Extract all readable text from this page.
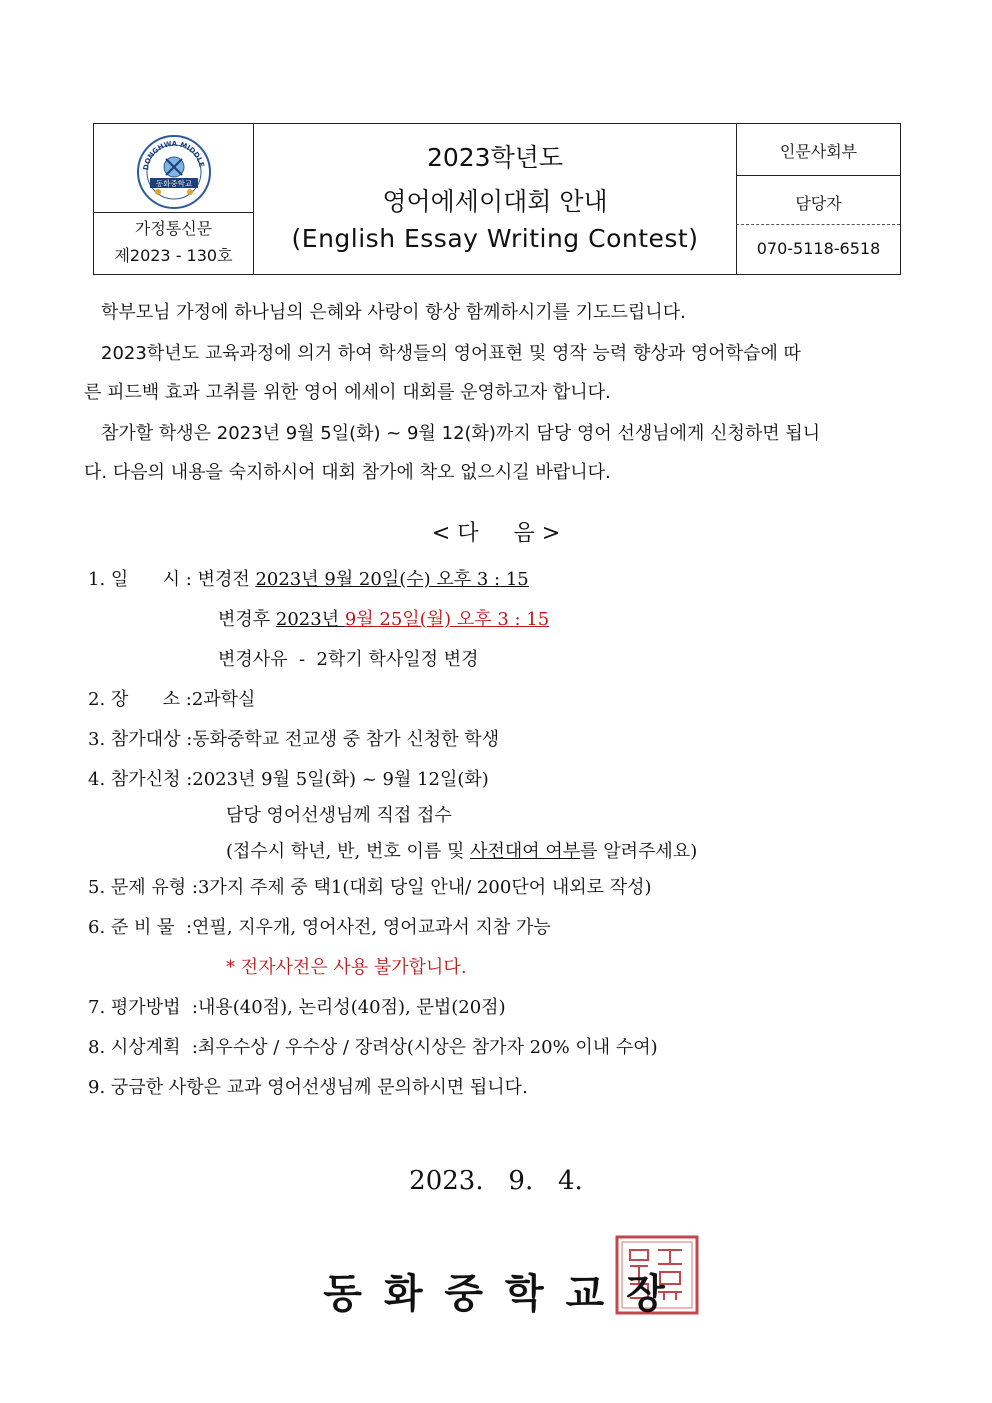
DONGHWA MIDDLE
동화중학교
가정통신문
제2023 - 130호
2023학년도
영어에세이대회 안내
(English Essay Writing Contest)
인문사회부
담당자
070-5118-6518
학부모님 가정에 하나님의 은혜와 사랑이 항상 함께하시기를 기도드립니다.
2023학년도 교육과정에 의거 하여 학생들의 영어표현 및 영작 능력 향상과 영어학습에 따
른 피드백 효과 고취를 위한 영어 에세이 대회를 운영하고자 합니다.
참가할 학생은 2023년 9월 5일(화) ~ 9월 12(화)까지 담당 영어 선생님에게 신청하면 됩니
다. 다음의 내용을 숙지하시어 대회 참가에 착오 없으시길 바랍니다.
< 다     음 >
1. 일      시 : 변경전 2023년 9월 20일(수) 오후 3 : 15
변경후 2023년 9월 25일(월) 오후 3 : 15
변경사유  -  2학기 학사일정 변경
2. 장      소 :2과학실
3. 참가대상 :동화중학교 전교생 중 참가 신청한 학생
4. 참가신청 :2023년 9월 5일(화) ~ 9월 12일(화)
담당 영어선생님께 직접 접수
(접수시 학년, 반, 번호 이름 및 사전대여 여부를 알려주세요)
5. 문제 유형 :3가지 주제 중 택1(대회 당일 안내/ 200단어 내외로 작성)
6. 준 비 물  :연필, 지우개, 영어사전, 영어교과서 지참 가능
* 전자사전은 사용 불가합니다.
7. 평가방법  :내용(40점), 논리성(40점), 문법(20점)
8. 시상계획  :최우수상 / 우수상 / 장려상(시상은 참가자 20% 이내 수여)
9. 궁금한 사항은 교과 영어선생님께 문의하시면 됩니다.
2023.   9.   4.
동 화 중 학 교 장
